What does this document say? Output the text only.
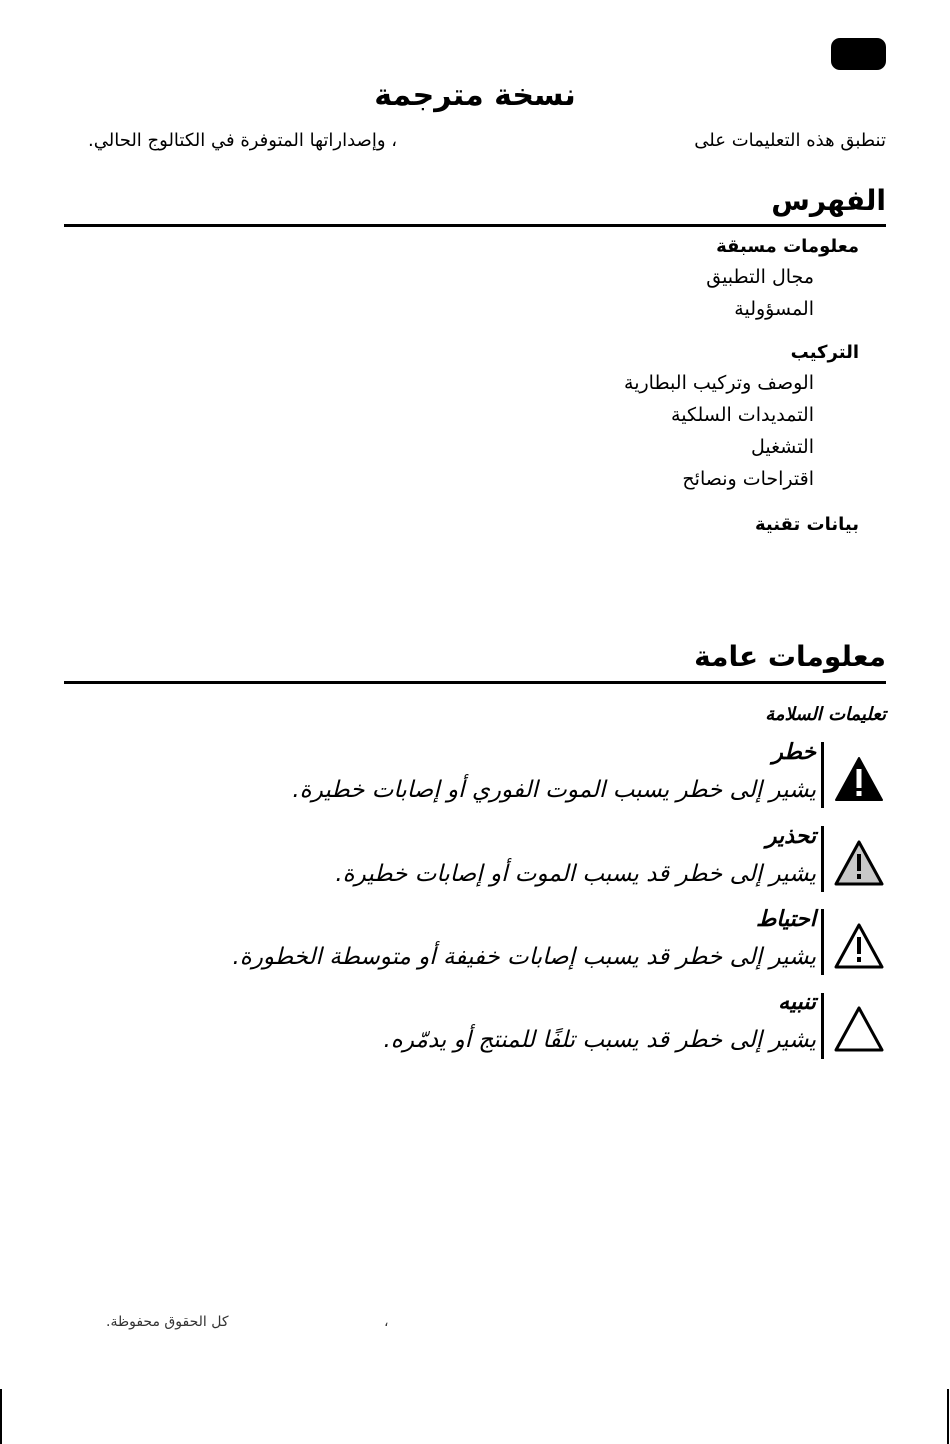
نسخة مترجمة
تنطبق هذه التعليمات على
، وإصداراتها المتوفرة في الكتالوج الحالي.
الفهرس
معلومات مسبقة
مجال التطبيق
المسؤولية
التركيب
الوصف وتركيب البطارية
التمديدات السلكية
التشغيل
اقتراحات ونصائح
بيانات تقنية
معلومات عامة
تعليمات السلامة
خطر
يشير إلى خطر يسبب الموت الفوري أو إصابات خطيرة.
تحذير
يشير إلى خطر قد يسبب الموت أو إصابات خطيرة.
احتياط
يشير إلى خطر قد يسبب إصابات خفيفة أو متوسطة الخطورة.
تنبيه
يشير إلى خطر قد يسبب تلفًا للمنتج أو يدمّره.
،
كل الحقوق محفوظة.
